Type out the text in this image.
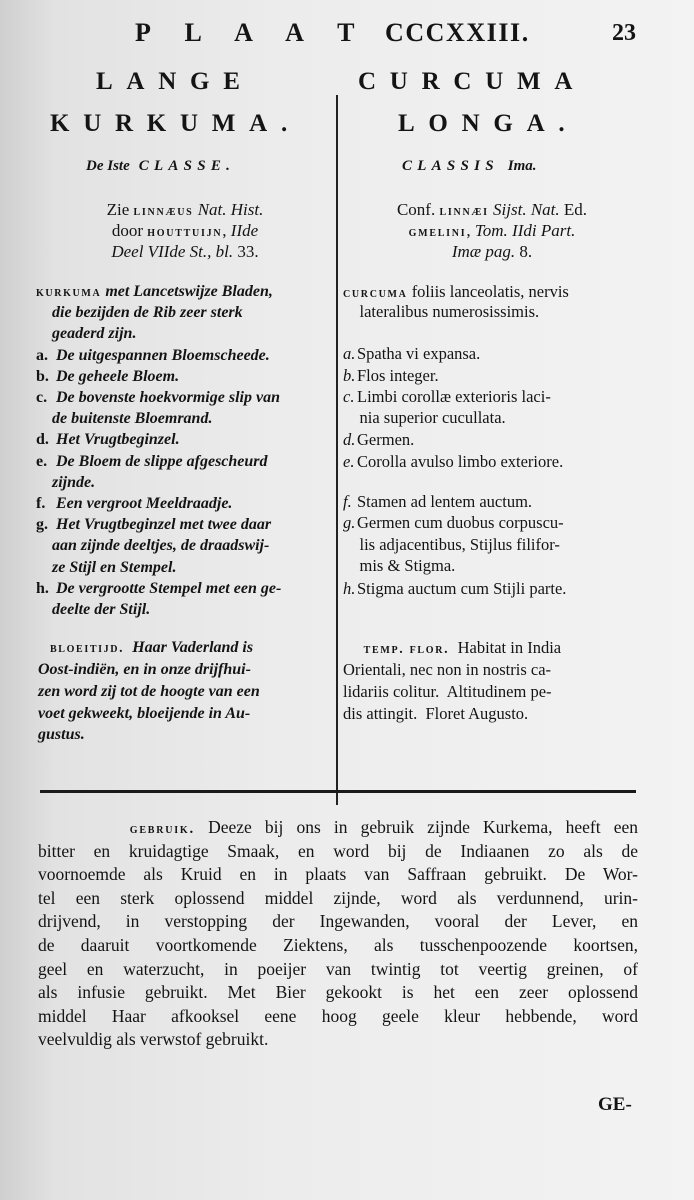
P L A A T CCCXXIII.	23
LANGE
KURKUMA.
CURCUMA
LONGA.
De Iste CLASSE.	CLASSIS Ima.
Zie linnæus Nat. Hist.
door houttuijn, IIde
Deel VIIde St., bl. 33.
Conf. linnæi Sijst. Nat. Ed.
gmelini, Tom. IIdi Part.
Imæ pag. 8.
kurkuma met Lancetswijze Bladen,
die bezijden de Rib zeer sterk
geaderd zijn.
a. De uitgespannen Bloemscheede.
b. De geheele Bloem.
c. De bovenste hoekvormige slip van
de buitenste Bloemrand.
d. Het Vrugtbeginzel.
e. De Bloem de slippe afgescheurd
zijnde.
f. Een vergroot Meeldraadje.
g. Het Vrugtbeginzel met twee daar
aan zijnde deeltjes, de draadswij-
ze Stijl en Stempel.
h. De vergrootte Stempel met een ge-
deelte der Stijl.
bloeitijd.  Haar Vaderland is
Oost-indiën, en in onze drijfhui-
zen word zij tot de hoogte van een
voet gekweekt, bloeijende in Au-
gustus.
curcuma foliis lanceolatis, nervis
lateralibus numerosissimis.
a.Spatha vi expansa.
b.Flos integer.
c. Limbi corollæ exterioris laci-
nia superior cucullata.
d.Germen.
e. Corolla avulso limbo exteriore.
f. Stamen ad lentem auctum.
g.Germen cum duobus corpuscu-
lis adjacentibus, Stijlus filifor-
mis & Stigma.
h.Stigma auctum cum Stijli parte.
temp. flor.  Habitat in India
Orientali, nec non in nostris ca-
lidariis colitur.  Altitudinem pe-
dis attingit.  Floret Augusto.
gebruik. Deeze bij ons in gebruik zijnde Kurkema, heeft een
bitter en kruidagtige Smaak, en word bij de Indiaanen zo als de
voornoemde als Kruid en in plaats van Saffraan gebruikt. De Wor-
tel een sterk oplossend middel zijnde, word als verdunnend, urin-
drijvend, in verstopping der Ingewanden, vooral der Lever, en
de daaruit voortkomende Ziektens, als tusschenpoozende koortsen,
geel en waterzucht, in poeijer van twintig tot veertig greinen, of
als infusie gebruikt. Met Bier gekookt is het een zeer oplossend
middel Haar afkooksel eene hoog geele kleur hebbende, word
veelvuldig als verwstof gebruikt.
GE-
